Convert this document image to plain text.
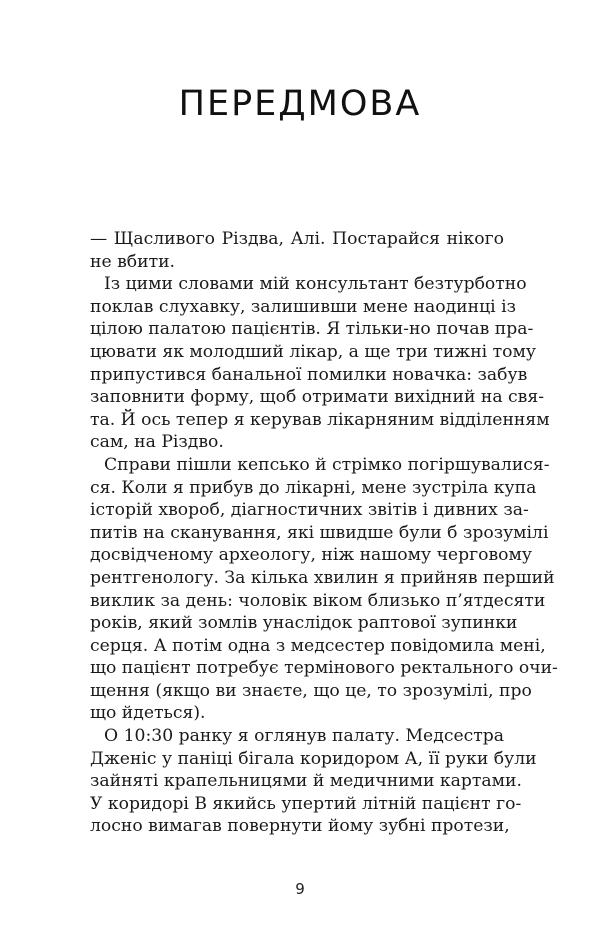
ПЕРЕДМОВА
— Щасливого Різдва, Алі. Постарайся нікого
не вбити.
Із цими словами мій консультант безтурботно
поклав слухавку, залишивши мене наодинці із
цілою палатою пацієнтів. Я тільки-но почав пра-
цювати як молодший лікар, а ще три тижні тому
припустився банальної помилки новачка: забув
заповнити форму, щоб отримати вихідний на свя-
та. Й ось тепер я керував лікарняним відділенням
сам, на Різдво.
Справи пішли кепсько й стрімко погіршувалися-
ся. Коли я прибув до лікарні, мене зустріла купа
історій хвороб, діагностичних звітів і дивних за-
питів на сканування, які швидше були б зрозумілі
досвідченому археологу, ніж нашому черговому
рентгенологу. За кілька хвилин я прийняв перший
виклик за день: чоловік віком близько п’ятдесяти
років, який зомлів унаслідок раптової зупинки
серця. А потім одна з медсестер повідомила мені,
що пацієнт потребує термінового ректального очи-
щення (якщо ви знаєте, що це, то зрозумілі, про
що йдеться).
О 10:30 ранку я оглянув палату. Медсестра
Дженіс у паніці бігала коридором А, її руки були
зайняті крапельницями й медичними картами.
У коридорі В якийсь упертий літній пацієнт го-
лосно вимагав повернути йому зубні протези,
9
